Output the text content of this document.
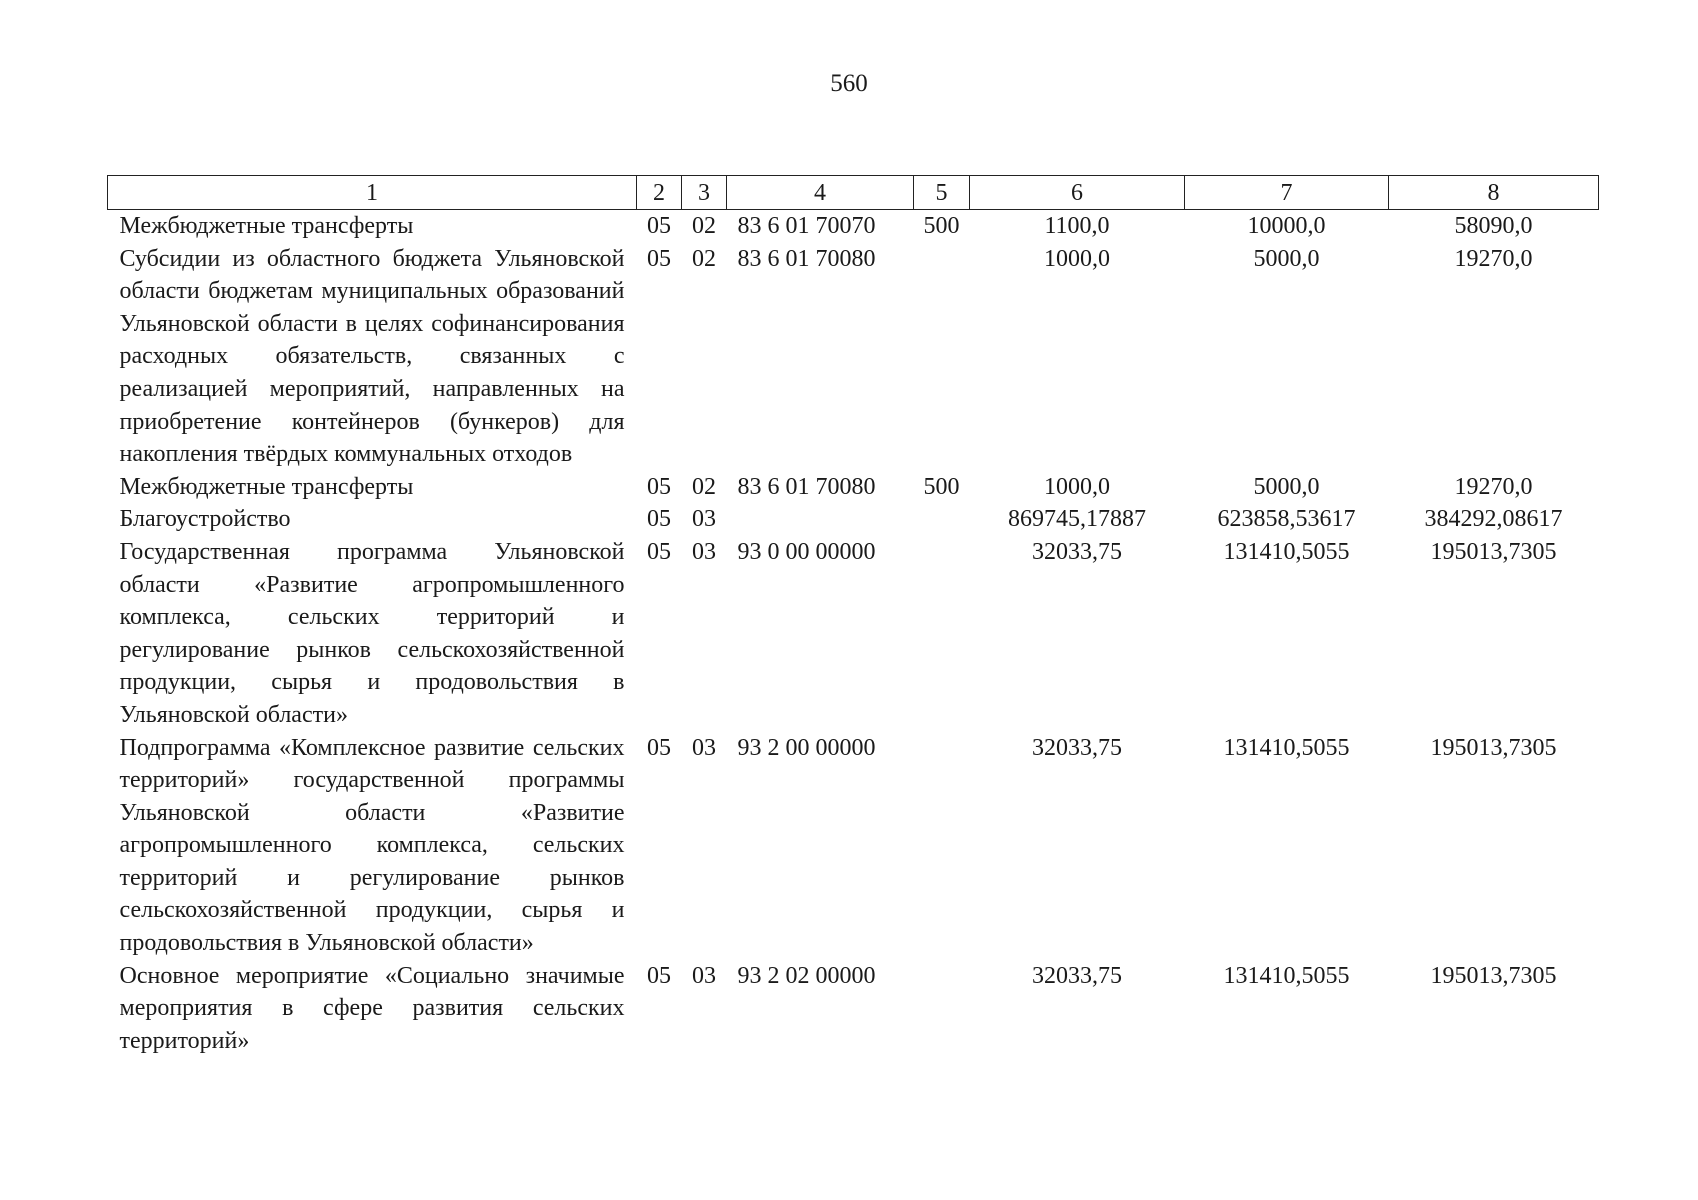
560
1	2	3	4	5	6	7	8
Межбюджетные трансферты	05	02	83 6 01 70070	500	1100,0	10000,0	58090,0
Субсидии из областного бюджета Ульяновской области бюджетам муниципальных образований Ульяновской области в целях софинансирования расходных обязательств, связанных с реализацией мероприятий, направленных на приобретение контейнеров (бункеров) для накопления твёрдых коммунальных отходов	05	02	83 6 01 70080		1000,0	5000,0	19270,0
Межбюджетные трансферты	05	02	83 6 01 70080	500	1000,0	5000,0	19270,0
Благоустройство	05	03			869745,17887	623858,53617	384292,08617
Государственная программа Ульяновской области «Развитие агропромышленного комплекса, сельских территорий и регулирование рынков сельскохозяйственной продукции, сырья и продовольствия в Ульяновской области»	05	03	93 0 00 00000		32033,75	131410,5055	195013,7305
Подпрограмма «Комплексное развитие сельских территорий» государственной программы Ульяновской области «Развитие агропромышленного комплекса, сельских территорий и регулирование рынков сельскохозяйственной продукции, сырья и продовольствия в Ульяновской области»	05	03	93 2 00 00000		32033,75	131410,5055	195013,7305
Основное мероприятие «Социально значимые мероприятия в сфере развития сельских территорий»	05	03	93 2 02 00000		32033,75	131410,5055	195013,7305
